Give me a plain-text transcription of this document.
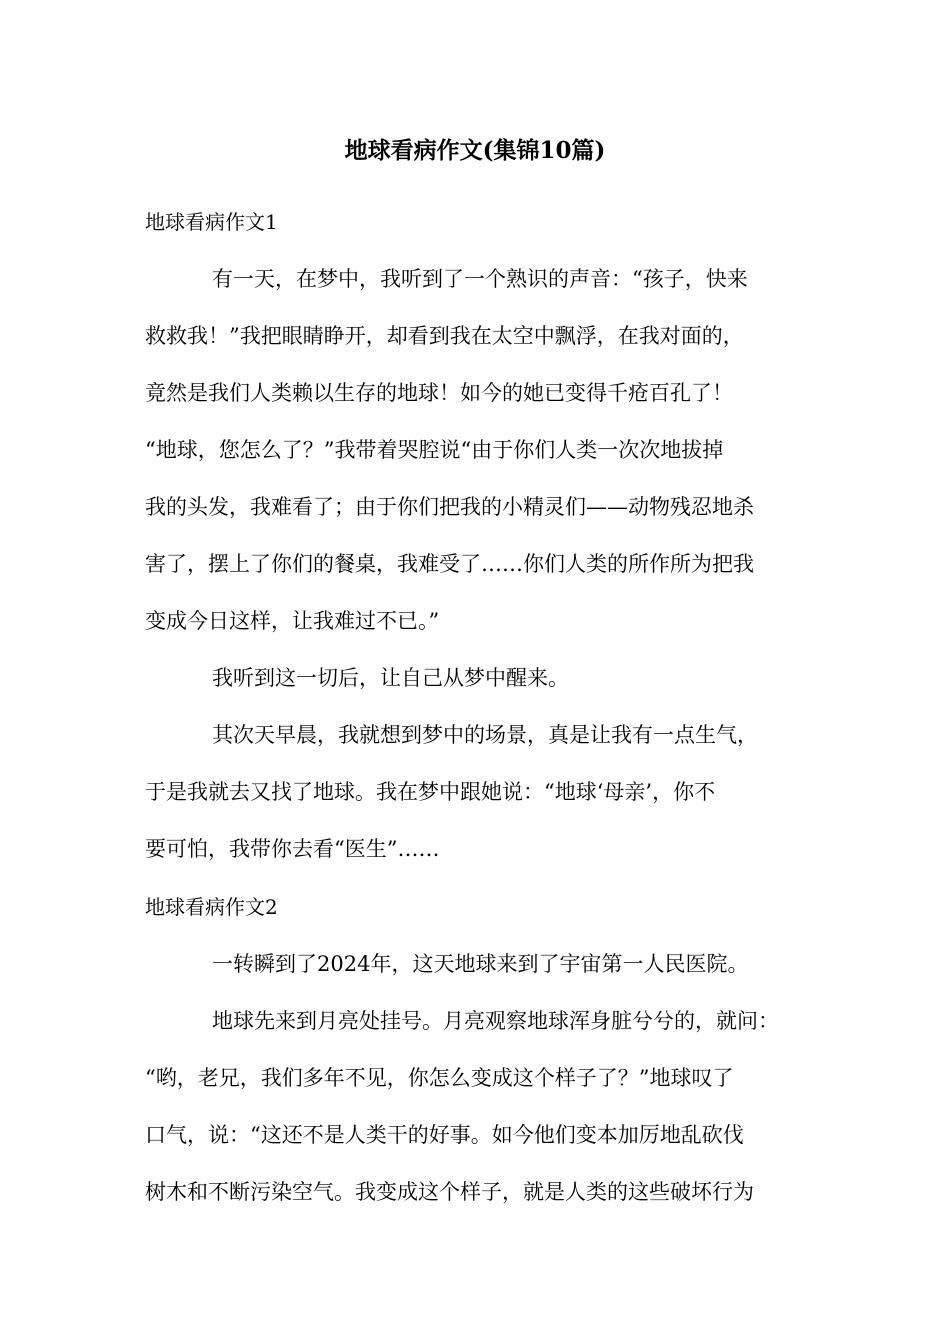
地球看病作文(集锦10篇)

地球看病作文1

有一天，在梦中，我听到了一个熟识的声音：“孩子，快来

救救我！”我把眼睛睁开，却看到我在太空中飘浮，在我对面的，

竟然是我们人类赖以生存的地球！如今的她已变得千疮百孔了！

“地球，您怎么了？”我带着哭腔说“由于你们人类一次次地拔掉

我的头发，我难看了；由于你们把我的小精灵们——动物残忍地杀

害了，摆上了你们的餐桌，我难受了……你们人类的所作所为把我

变成今日这样，让我难过不已。”

我听到这一切后，让自己从梦中醒来。

其次天早晨，我就想到梦中的场景，真是让我有一点生气，

于是我就去又找了地球。我在梦中跟她说：“地球‘母亲’，你不

要可怕，我带你去看“医生”……

地球看病作文2

一转瞬到了2024年，这天地球来到了宇宙第一人民医院。

地球先来到月亮处挂号。月亮观察地球浑身脏兮兮的，就问：

“哟，老兄，我们多年不见，你怎么变成这个样子了？”地球叹了

口气，说：“这还不是人类干的好事。如今他们变本加厉地乱砍伐

树木和不断污染空气。我变成这个样子，就是人类的这些破坏行为
